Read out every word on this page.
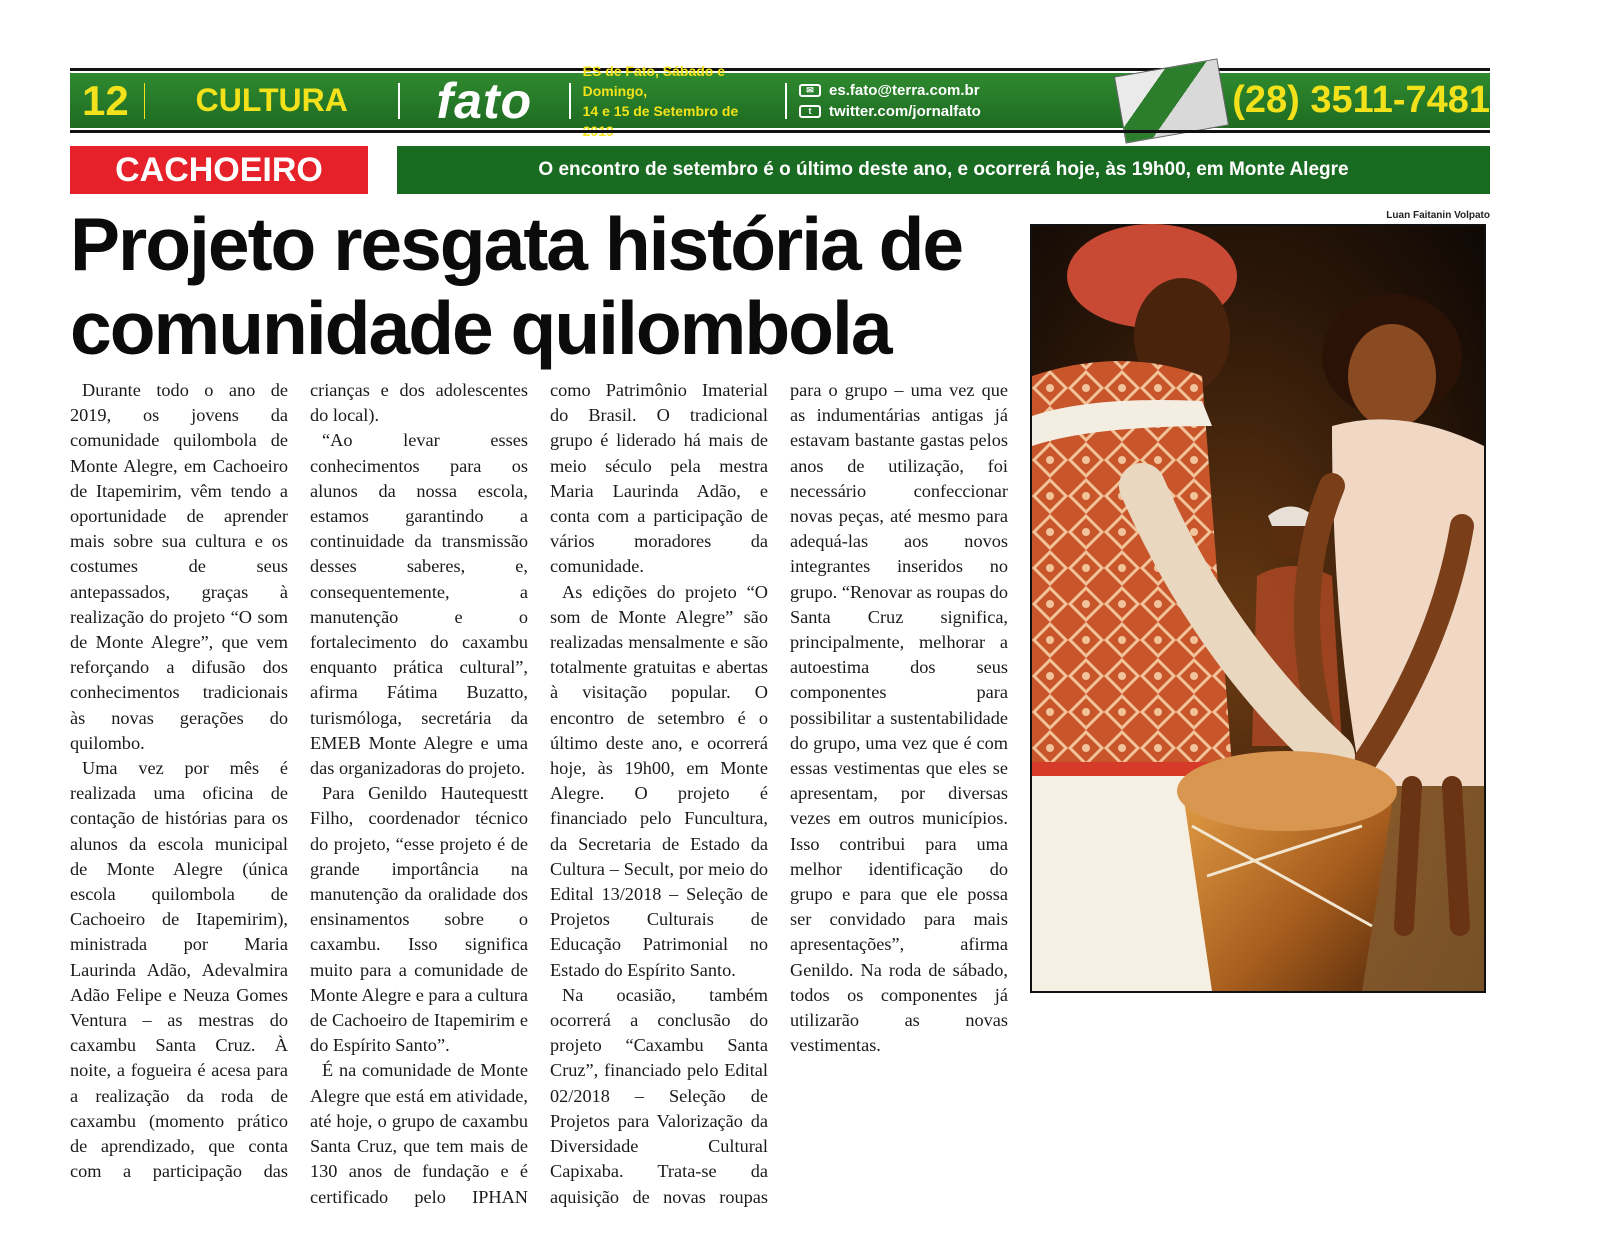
12	CULTURA	fato
ES de Fato, Sábado e Domingo,
14 e 15 de Setembro de
✉	es.fato@terra.com.br
t	twitter.com/jornalfato	(28) 3511-7481
CACHOEIRO	O encontro de setembro é o último deste ano, e ocorrerá hoje, às 19h00, em Monte Alegre
Projeto resgata história de comunidade quilombola

Durante todo o ano de 2019, os jovens da comunidade quilombola de Monte Alegre, em Cachoeiro de Itapemirim, vêm tendo a oportunidade de aprender mais sobre sua cultura e os costumes de seus antepassados, graças à realização do projeto “O som de Monte Alegre”, que vem reforçando a difusão dos conhecimentos tradicionais às novas gerações do quilombo.

Uma vez por mês é realizada uma oficina de contação de histórias para os alunos da escola municipal de Monte Alegre (única escola quilombola de Cachoeiro de Itapemirim), ministrada por Maria Laurinda Adão, Adevalmira Adão Felipe e Neuza Gomes Ventura – as mestras do caxambu Santa Cruz. À noite, a fogueira é acesa para a realização da roda de caxambu (momento prático de aprendizado, que conta com a participação das crianças e dos adolescentes do local).

“Ao levar esses conhecimentos para os alunos da nossa escola, estamos garantindo a continuidade da transmissão desses saberes, e, consequentemente, a manutenção e o fortalecimento do caxambu enquanto prática cultural”, afirma Fátima Buzatto, turismóloga, secretária da EMEB Monte Alegre e uma das organizadoras do projeto.

Para Genildo Hautequestt Filho, coordenador técnico do projeto, “esse projeto é de grande importância na manutenção da oralidade dos ensinamentos sobre o caxambu. Isso significa muito para a comunidade de Monte Alegre e para a cultura de Cachoeiro de Itapemirim e do Espírito Santo”.

É na comunidade de Monte Alegre que está em atividade, até hoje, o grupo de caxambu Santa Cruz, que tem mais de 130 anos de fundação e é certificado pelo IPHAN como Patrimônio Imaterial do Brasil. O tradicional grupo é liderado há mais de meio século pela mestra Maria Laurinda Adão, e conta com a participação de vários moradores da comunidade.

As edições do projeto “O som de Monte Alegre” são realizadas mensalmente e são totalmente gratuitas e abertas à visitação popular. O encontro de setembro é o último deste ano, e ocorrerá hoje, às 19h00, em Monte Alegre. O projeto é financiado pelo Funcultura, da Secretaria de Estado da Cultura – Secult, por meio do Edital 13/2018 – Seleção de Projetos Culturais de Educação Patrimonial no Estado do Espírito Santo.

Na ocasião, também ocorrerá a conclusão do projeto “Caxambu Santa Cruz”, financiado pelo Edital 02/2018 – Seleção de Projetos para Valorização da Diversidade Cultural Capixaba. Trata-se da aquisição de novas roupas para o grupo – uma vez que as indumentárias antigas já estavam bastante gastas pelos anos de utilização, foi necessário confeccionar novas peças, até mesmo para adequá-las aos novos integrantes inseridos no grupo. “Renovar as roupas do Santa Cruz significa, principalmente, melhorar a autoestima dos seus componentes para possibilitar a sustentabilidade do grupo, uma vez que é com essas vestimentas que eles se apresentam, por diversas vezes em outros municípios. Isso contribui para uma melhor identificação do grupo e para que ele possa ser convidado para mais apresentações”, afirma Genildo. Na roda de sábado, todos os componentes já utilizarão as novas vestimentas.

Luan Faitanin Volpato
